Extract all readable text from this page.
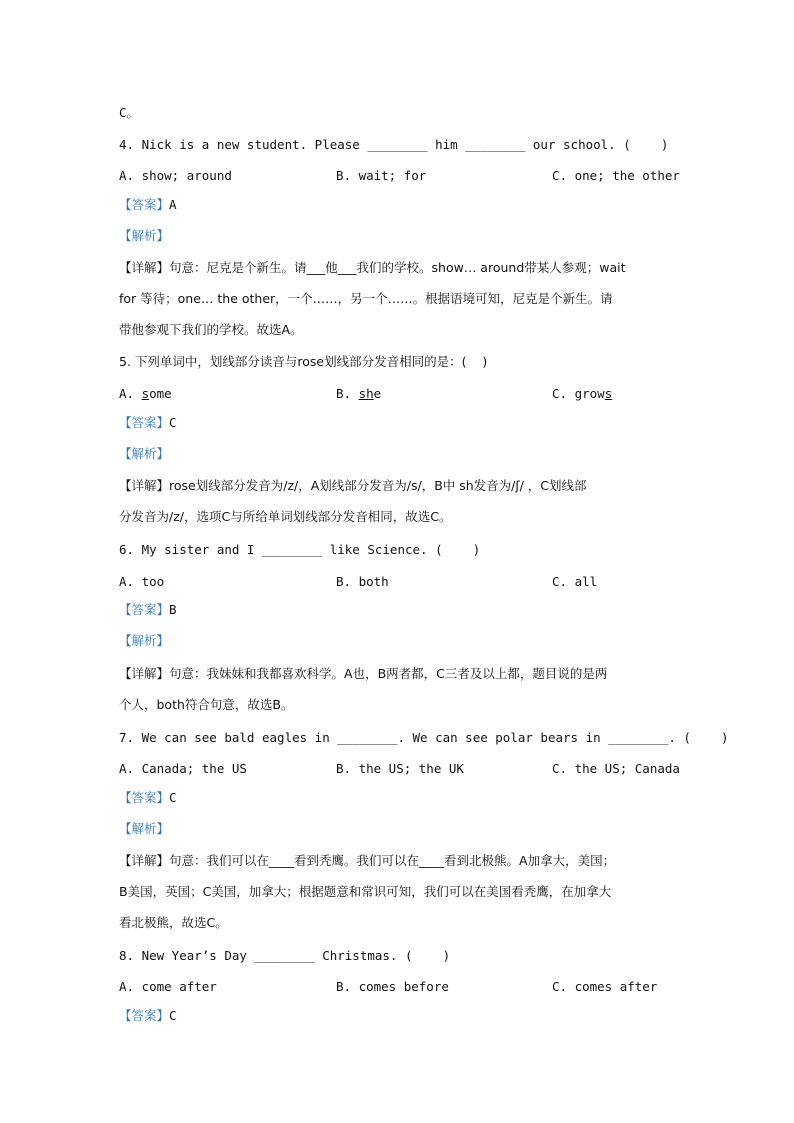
C。
4. Nick is a new student. Please ________ him ________ our school. (    )
A. show; around	B. wait; for	C. one; the other
【答案】A
【解析】
【详解】句意：尼克是个新生。请___他___我们的学校。show… around带某人参观；wait
for 等待；one… the other，一个……，另一个……。根据语境可知，尼克是个新生。请
带他参观下我们的学校。故选A。
5. 下列单词中，划线部分读音与rose划线部分发音相同的是：(    )
A. some	B. she	C. grows
【答案】C
【解析】
【详解】rose划线部分发音为/z/，A划线部分发音为/s/，B中 sh发音为/ʃ/ ，C划线部
分发音为/z/，选项C与所给单词划线部分发音相同，故选C。
6. My sister and I ________ like Science. (    )
A. too	B. both	C. all
【答案】B
【解析】
【详解】句意：我妹妹和我都喜欢科学。A也，B两者都，C三者及以上都，题目说的是两
个人，both符合句意，故选B。
7. We can see bald eagles in ________. We can see polar bears in ________. (    )
A. Canada; the US	B. the US; the UK	C. the US; Canada
【答案】C
【解析】
【详解】句意：我们可以在____看到秃鹰。我们可以在____看到北极熊。A加拿大，美国；
B美国，英国；C美国，加拿大；根据题意和常识可知，我们可以在美国看秃鹰，在加拿大
看北极熊，故选C。
8. New Year’s Day ________ Christmas. (    )
A. come after	B. comes before	C. comes after
【答案】C
